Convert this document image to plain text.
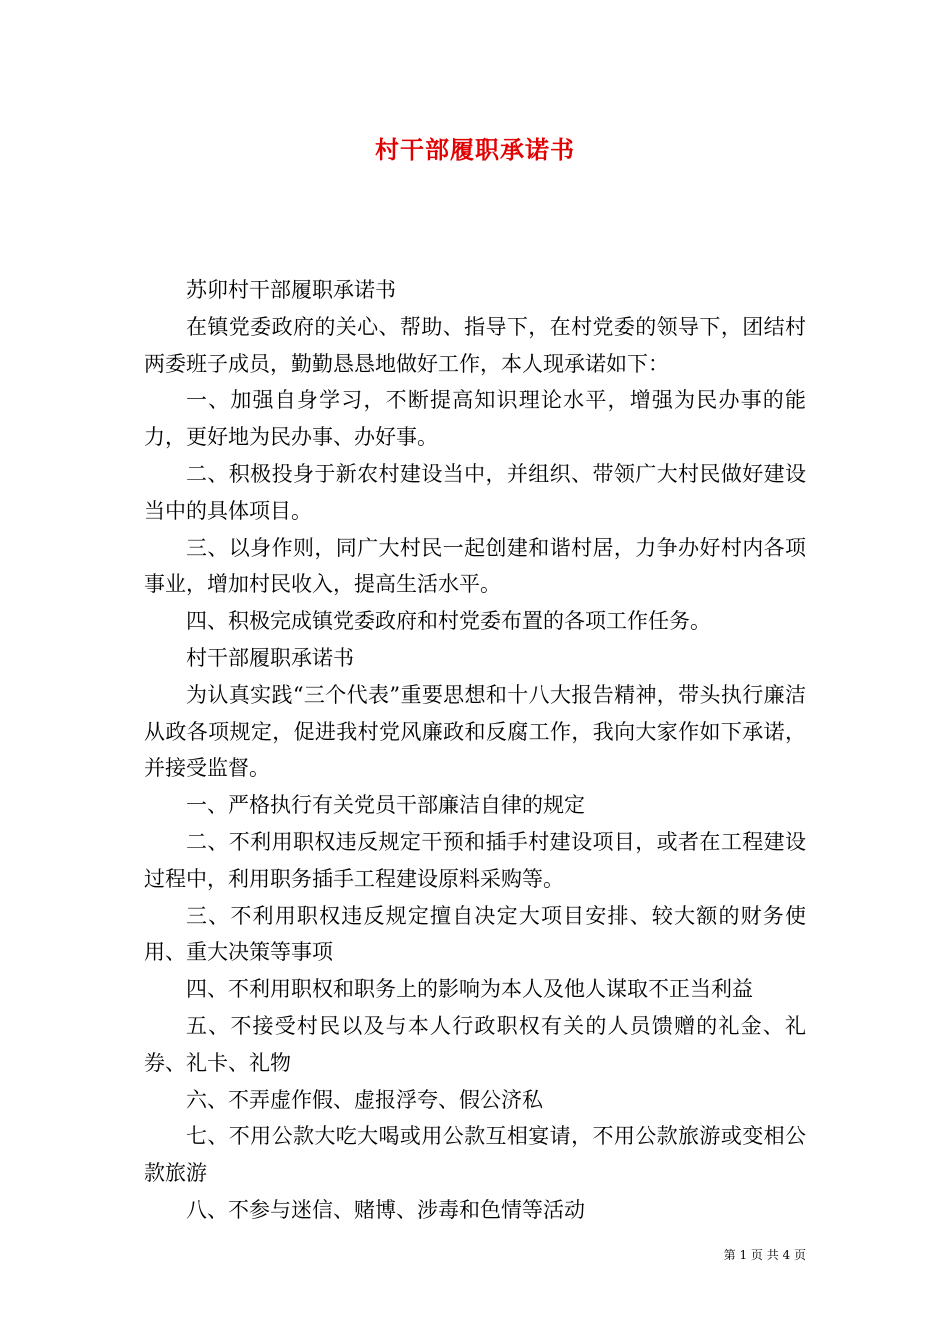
村干部履职承诺书

苏卯村干部履职承诺书

在镇党委政府的关心、帮助、指导下，在村党委的领导下，团结村两委班子成员，勤勤恳恳地做好工作，本人现承诺如下：

一、加强自身学习，不断提高知识理论水平，增强为民办事的能力，更好地为民办事、办好事。

二、积极投身于新农村建设当中，并组织、带领广大村民做好建设当中的具体项目。

三、以身作则，同广大村民一起创建和谐村居，力争办好村内各项事业，增加村民收入，提高生活水平。

四、积极完成镇党委政府和村党委布置的各项工作任务。

村干部履职承诺书

为认真实践“三个代表”重要思想和十八大报告精神，带头执行廉洁从政各项规定，促进我村党风廉政和反腐工作，我向大家作如下承诺，并接受监督。

一、严格执行有关党员干部廉洁自律的规定

二、不利用职权违反规定干预和插手村建设项目，或者在工程建设过程中，利用职务插手工程建设原料采购等。

三、不利用职权违反规定擅自决定大项目安排、较大额的财务使用、重大决策等事项

四、不利用职权和职务上的影响为本人及他人谋取不正当利益

五、不接受村民以及与本人行政职权有关的人员馈赠的礼金、礼券、礼卡、礼物

六、不弄虚作假、虚报浮夸、假公济私

七、不用公款大吃大喝或用公款互相宴请，不用公款旅游或变相公款旅游

八、不参与迷信、赌博、涉毒和色情等活动

第 1 页 共 4 页
